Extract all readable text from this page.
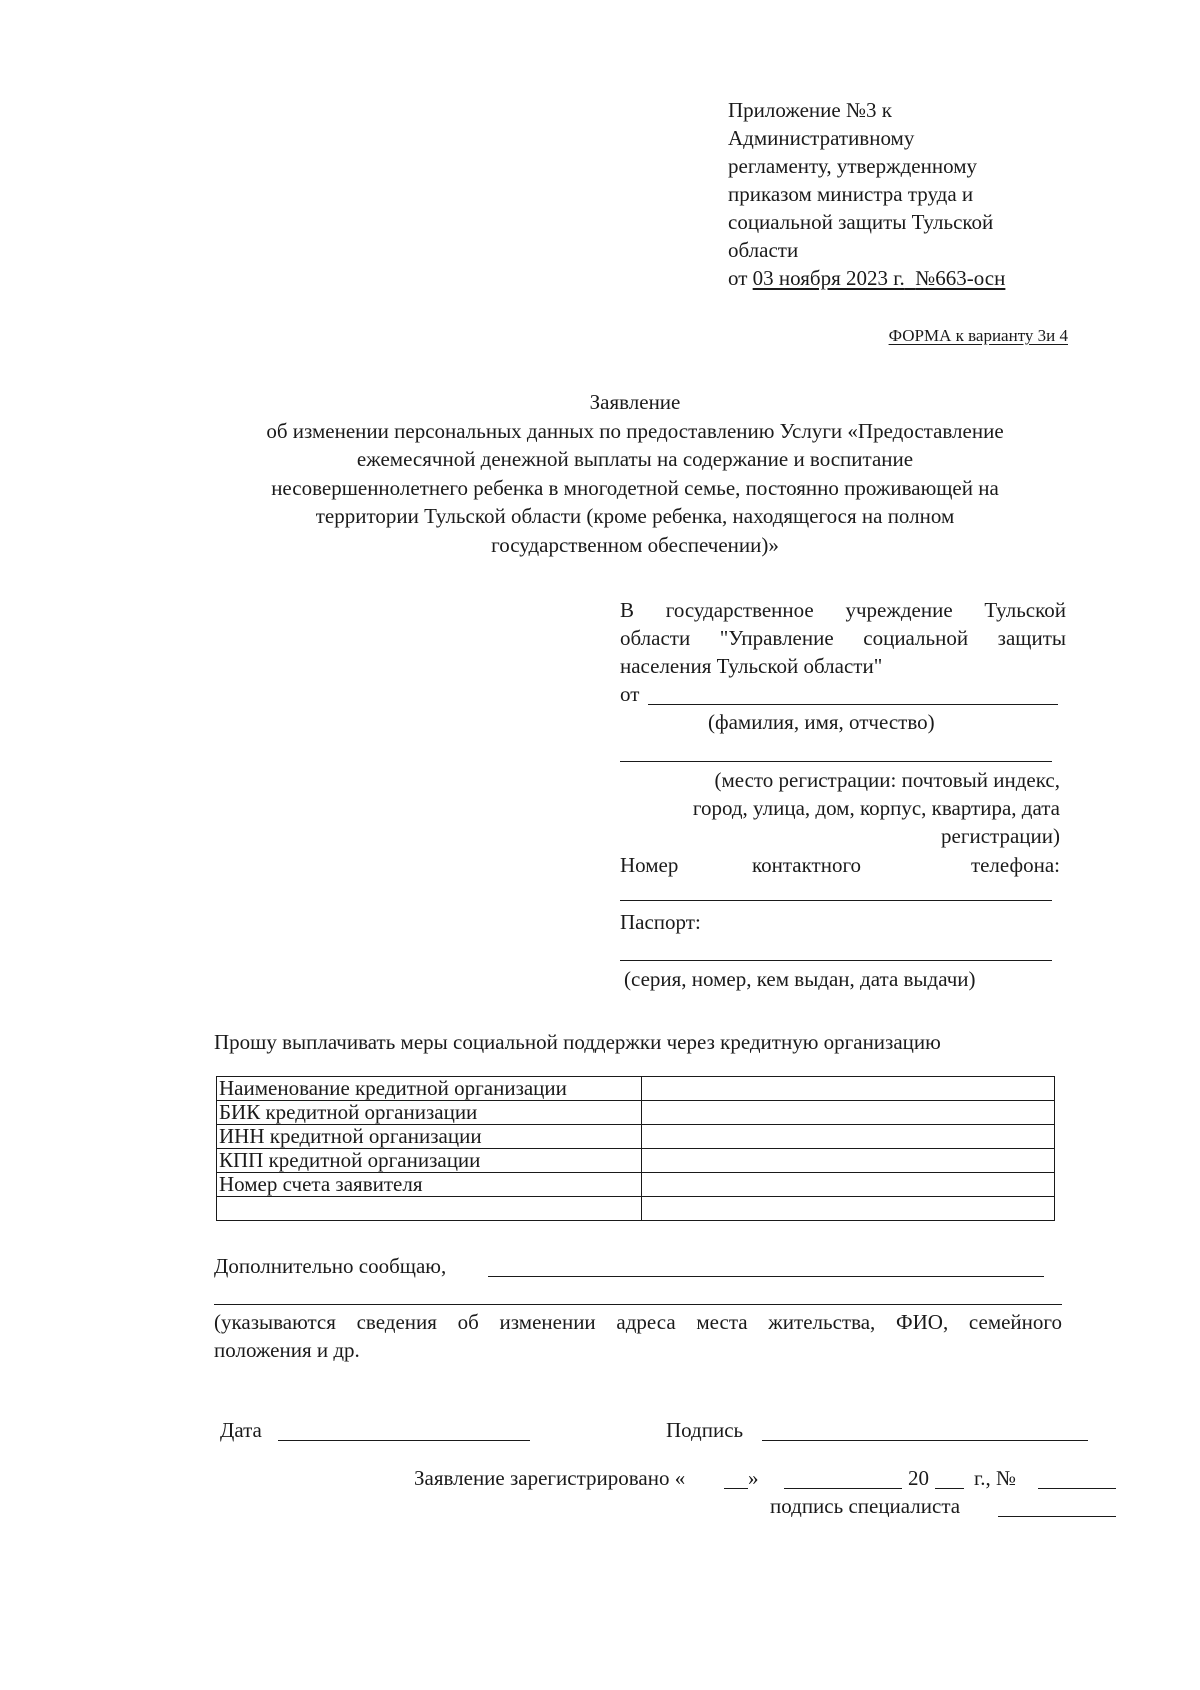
Приложение №3 к
Административному
регламенту, утвержденному
приказом министра труда и
социальной защиты Тульской
области
от 03 ноября 2023 г. №663-осн
ФОРМА к варианту 3и 4
Заявление
об изменении персональных данных по предоставлению Услуги «Предоставление
ежемесячной денежной выплаты на содержание и воспитание
несовершеннолетнего ребенка в многодетной семье, постоянно проживающей на
территории Тульской области (кроме ребенка, находящегося на полном
государственном обеспечении)»
В государственное учреждение Тульской
области "Управление социальной защиты
населения Тульской области"
от
(фамилия, имя, отчество)
(место регистрации: почтовый индекс,
город, улица, дом, корпус, квартира, дата
регистрации)
Номер	контактного	телефона:
Паспорт:
(серия, номер, кем выдан, дата выдачи)
Прошу выплачивать меры социальной поддержки через кредитную организацию
Наименование кредитной организации	
БИК кредитной организации	
ИНН кредитной организации	
КПП кредитной организации	
Номер счета заявителя	

Дополнительно сообщаю,
(указываются сведения об изменении адреса места жительства, ФИО, семейного
положения и др.
Дата	Подпись
Заявление зарегистрировано «	»	20 г., №
подпись специалиста
